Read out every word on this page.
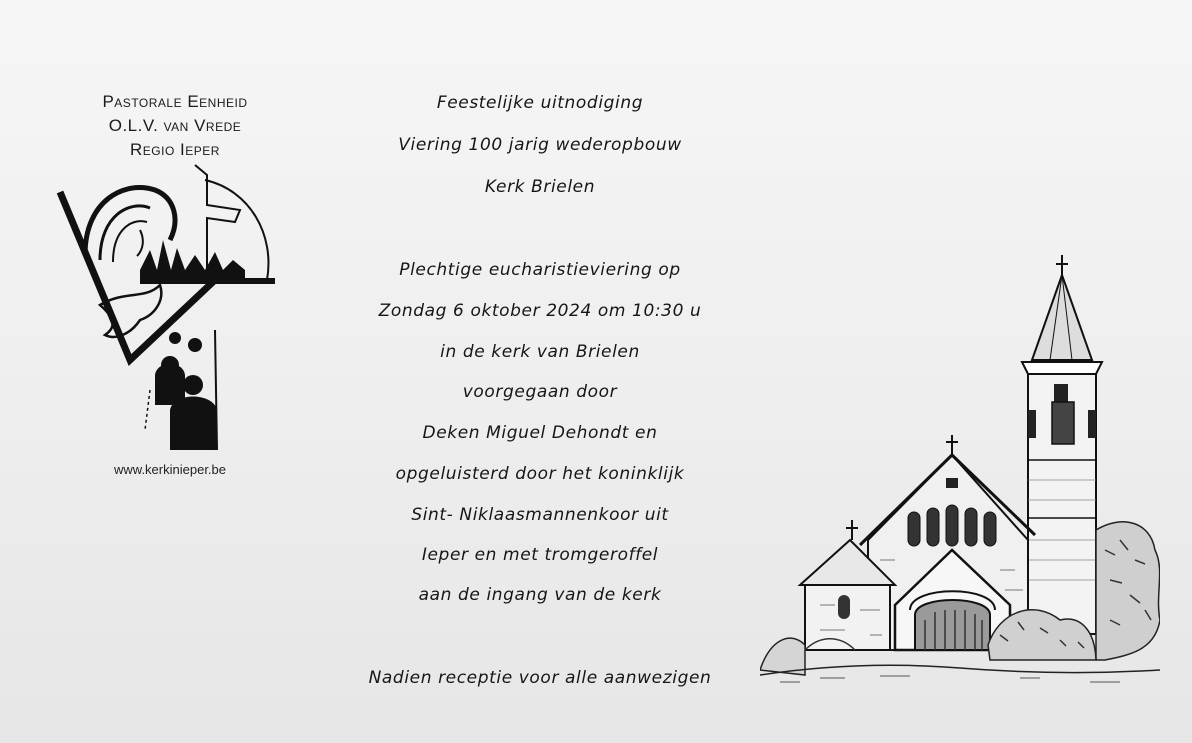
Pastorale Eenheid
O.L.V. van Vrede
Regio Ieper
www.kerkinieper.be
Feestelijke uitnodiging
Viering 100 jarig wederopbouw
Kerk Brielen
Plechtige eucharistieviering op
Zondag 6 oktober 2024 om 10:30 u
in de kerk van Brielen
voorgegaan door
Deken Miguel Dehondt en
opgeluisterd door het koninklijk
Sint- Niklaasmannenkoor uit
Ieper en met tromgeroffel
aan de ingang van de kerk
Nadien receptie voor alle aanwezigen
